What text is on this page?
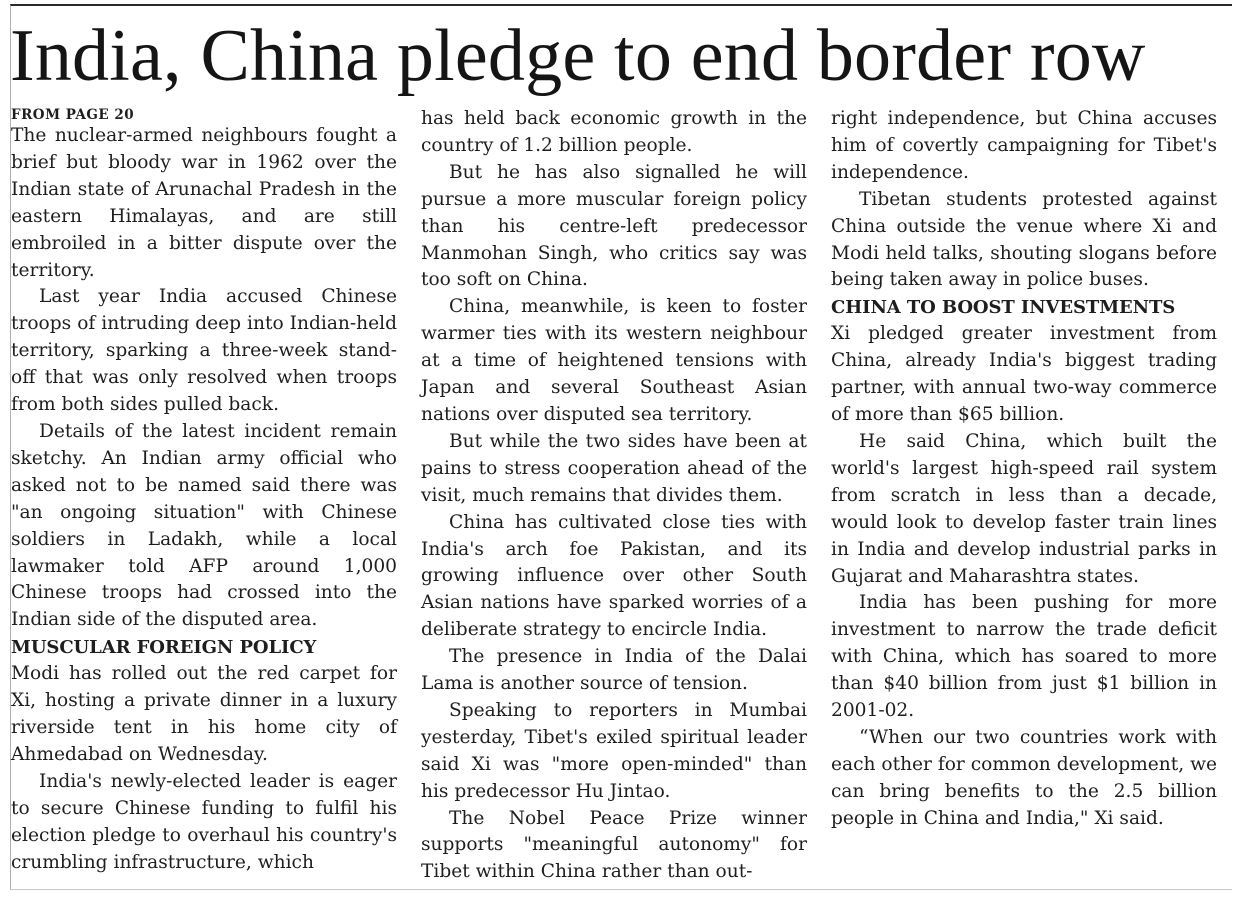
India, China pledge to end border row
FROM PAGE 20

The nuclear-armed neighbours fought a brief but bloody war in 1962 over the Indian state of Arunachal Pradesh in the eastern Himalayas, and are still embroiled in a bitter dispute over the territory.

Last year India accused Chinese troops of intruding deep into Indian-held territory, sparking a three-week stand-off that was only resolved when troops from both sides pulled back.

Details of the latest incident remain sketchy. An Indian army official who asked not to be named said there was "an ongoing situation" with Chinese soldiers in Ladakh, while a local lawmaker told AFP around 1,000 Chinese troops had crossed into the Indian side of the disputed area.

MUSCULAR FOREIGN POLICY

Modi has rolled out the red carpet for Xi, hosting a private dinner in a luxury riverside tent in his home city of Ahmedabad on Wednesday.

India's newly-elected leader is eager to secure Chinese funding to fulfil his election pledge to overhaul his country's crumbling infrastructure, which

has held back economic growth in the country of 1.2 billion people.

But he has also signalled he will pursue a more muscular foreign policy than his centre-left predecessor Manmohan Singh, who critics say was too soft on China.

China, meanwhile, is keen to foster warmer ties with its western neighbour at a time of heightened tensions with Japan and several Southeast Asian nations over disputed sea territory.

But while the two sides have been at pains to stress cooperation ahead of the visit, much remains that divides them.

China has cultivated close ties with India's arch foe Pakistan, and its growing influence over other South Asian nations have sparked worries of a deliberate strategy to encircle India.

The presence in India of the Dalai Lama is another source of tension.

Speaking to reporters in Mumbai yesterday, Tibet's exiled spiritual leader said Xi was "more open-minded" than his predecessor Hu Jintao.

The Nobel Peace Prize winner supports "meaningful autonomy" for Tibet within China rather than out-

right independence, but China accuses him of covertly campaigning for Tibet's independence.

Tibetan students protested against China outside the venue where Xi and Modi held talks, shouting slogans before being taken away in police buses.

CHINA TO BOOST INVESTMENTS

Xi pledged greater investment from China, already India's biggest trading partner, with annual two-way commerce of more than $65 billion.

He said China, which built the world's largest high-speed rail system from scratch in less than a decade, would look to develop faster train lines in India and develop industrial parks in Gujarat and Maharashtra states.

India has been pushing for more investment to narrow the trade deficit with China, which has soared to more than $40 billion from just $1 billion in 2001-02.

“When our two countries work with each other for common development, we can bring benefits to the 2.5 billion people in China and India," Xi said.
